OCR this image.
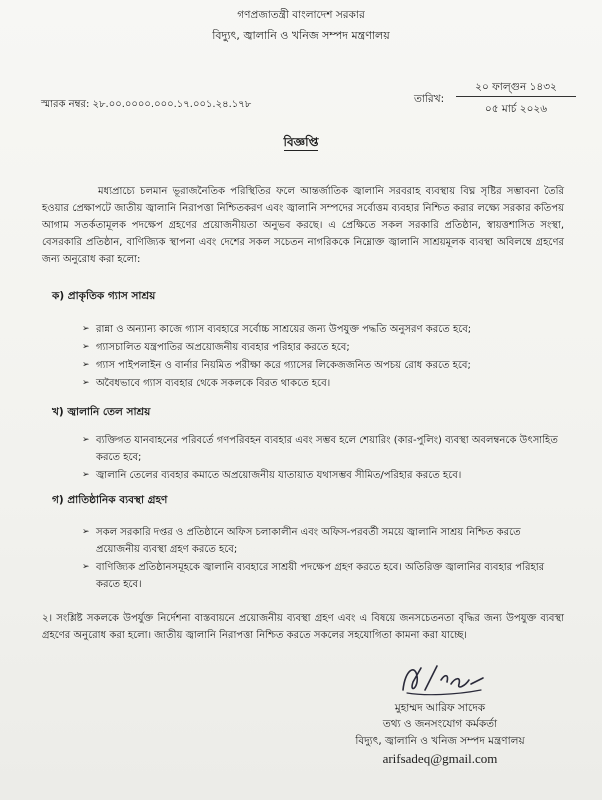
গণপ্রজাতন্ত্রী বাংলাদেশ সরকার
বিদ্যুৎ, জ্বালানি ও খনিজ সম্পদ মন্ত্রণালয়
স্মারক নম্বর: ২৮.০০.০০০০.০০০.১৭.০০১.২৪.১৭৮	তারিখ:
২০ ফাল্গুন ১৪৩২
০৫ মার্চ ২০২৬
বিজ্ঞপ্তি
মধ্যপ্রাচ্যে চলমান ভূরাজনৈতিক পরিস্থিতির ফলে আন্তর্জাতিক জ্বালানি সরবরাহ ব্যবস্থায় বিঘ্ন সৃষ্টির সম্ভাবনা তৈরি হওয়ার প্রেক্ষাপটে জাতীয় জ্বালানি নিরাপত্তা নিশ্চিতকরণ এবং জ্বালানি সম্পদের সর্বোত্তম ব্যবহার নিশ্চিত করার লক্ষ্যে সরকার কতিপয় আগাম সতর্কতামূলক পদক্ষেপ গ্রহণের প্রয়োজনীয়তা অনুভব করছে। এ প্রেক্ষিতে সকল সরকারি প্রতিষ্ঠান, স্বায়ত্তশাসিত সংস্থা, বেসরকারি প্রতিষ্ঠান, বাণিজ্যিক স্থাপনা এবং দেশের সকল সচেতন নাগরিককে নিম্নোক্ত জ্বালানি সাশ্রয়মূলক ব্যবস্থা অবিলম্বে গ্রহণের জন্য অনুরোধ করা হলো:
ক) প্রাকৃতিক গ্যাস সাশ্রয়
➢ রান্না ও অন্যান্য কাজে গ্যাস ব্যবহারে সর্বোচ্চ সাশ্রয়ের জন্য উপযুক্ত পদ্ধতি অনুসরণ করতে হবে;
➢ গ্যাসচালিত যন্ত্রপাতির অপ্রয়োজনীয় ব্যবহার পরিহার করতে হবে;
➢ গ্যাস পাইপলাইন ও বার্নার নিয়মিত পরীক্ষা করে গ্যাসের লিকেজজনিত অপচয় রোধ করতে হবে;
➢ অবৈধভাবে গ্যাস ব্যবহার থেকে সকলকে বিরত থাকতে হবে।
খ) জ্বালানি তেল সাশ্রয়
➢ ব্যক্তিগত যানবাহনের পরিবর্তে গণপরিবহন ব্যবহার এবং সম্ভব হলে শেয়ারিং (কার-পুলিং) ব্যবস্থা অবলম্বনকে উৎসাহিত করতে হবে;
➢ জ্বালানি তেলের ব্যবহার কমাতে অপ্রয়োজনীয় যাতায়াত যথাসম্ভব সীমিত/পরিহার করতে হবে।
গ) প্রাতিষ্ঠানিক ব্যবস্থা গ্রহণ
➢ সকল সরকারি দপ্তর ও প্রতিষ্ঠানে অফিস চলাকালীন এবং অফিস-পরবর্তী সময়ে জ্বালানি সাশ্রয় নিশ্চিত করতে প্রয়োজনীয় ব্যবস্থা গ্রহণ করতে হবে;
➢ বাণিজ্যিক প্রতিষ্ঠানসমূহকে জ্বালানি ব্যবহারে সাশ্রয়ী পদক্ষেপ গ্রহণ করতে হবে। অতিরিক্ত জ্বালানির ব্যবহার পরিহার করতে হবে।
২। সংশ্লিষ্ট সকলকে উপর্যুক্ত নির্দেশনা বাস্তবায়নে প্রয়োজনীয় ব্যবস্থা গ্রহণ এবং এ বিষয়ে জনসচেতনতা বৃদ্ধির জন্য উপযুক্ত ব্যবস্থা গ্রহণের অনুরোধ করা হলো। জাতীয় জ্বালানি নিরাপত্তা নিশ্চিত করতে সকলের সহযোগিতা কামনা করা যাচ্ছে।
মুহাম্মদ আরিফ সাদেক
তথ্য ও জনসংযোগ কর্মকর্তা
বিদ্যুৎ, জ্বালানি ও খনিজ সম্পদ মন্ত্রণালয়
arifsadeq@gmail.com
